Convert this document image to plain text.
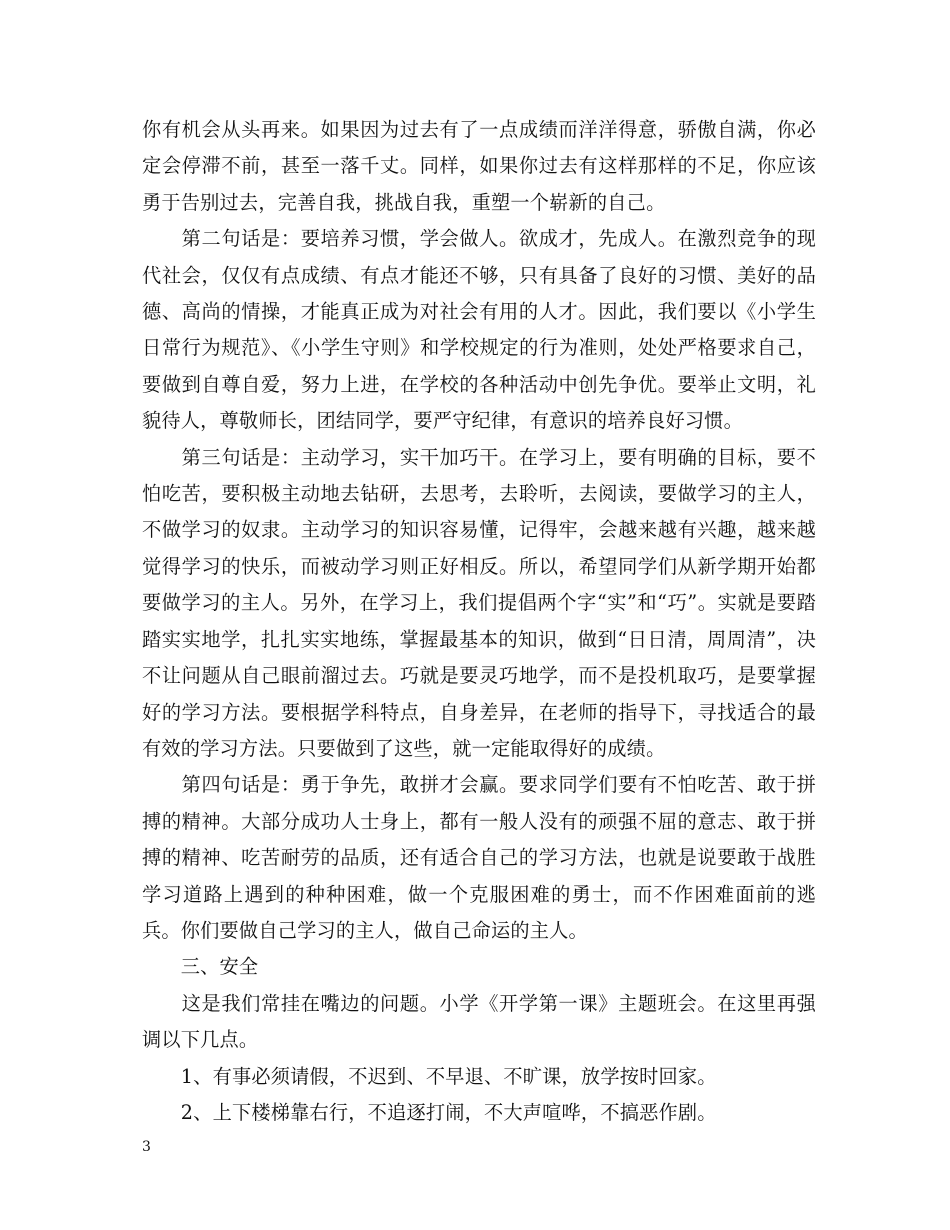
你有机会从头再来。如果因为过去有了一点成绩而洋洋得意，骄傲自满，你必定会停滞不前，甚至一落千丈。同样，如果你过去有这样那样的不足，你应该勇于告别过去，完善自我，挑战自我，重塑一个崭新的自己。

　　第二句话是：要培养习惯，学会做人。欲成才，先成人。在激烈竞争的现代社会，仅仅有点成绩、有点才能还不够，只有具备了良好的习惯、美好的品德、高尚的情操，才能真正成为对社会有用的人才。因此，我们要以《小学生日常行为规范》、《小学生守则》和学校规定的行为准则，处处严格要求自己，要做到自尊自爱，努力上进，在学校的各种活动中创先争优。要举止文明，礼貌待人，尊敬师长，团结同学，要严守纪律，有意识的培养良好习惯。

　　第三句话是：主动学习，实干加巧干。在学习上，要有明确的目标，要不怕吃苦，要积极主动地去钻研，去思考，去聆听，去阅读，要做学习的主人，不做学习的奴隶。主动学习的知识容易懂，记得牢，会越来越有兴趣，越来越觉得学习的快乐，而被动学习则正好相反。所以，希望同学们从新学期开始都要做学习的主人。另外，在学习上，我们提倡两个字“实”和“巧”。实就是要踏踏实实地学，扎扎实实地练，掌握最基本的知识，做到“日日清，周周清”，决不让问题从自己眼前溜过去。巧就是要灵巧地学，而不是投机取巧，是要掌握好的学习方法。要根据学科特点，自身差异，在老师的指导下，寻找适合的最有效的学习方法。只要做到了这些，就一定能取得好的成绩。

　　第四句话是：勇于争先，敢拼才会赢。要求同学们要有不怕吃苦、敢于拼搏的精神。大部分成功人士身上，都有一般人没有的顽强不屈的意志、敢于拼搏的精神、吃苦耐劳的品质，还有适合自己的学习方法，也就是说要敢于战胜学习道路上遇到的种种困难，做一个克服困难的勇士，而不作困难面前的逃兵。你们要做自己学习的主人，做自己命运的主人。

　　三、安全

　　这是我们常挂在嘴边的问题。小学《开学第一课》主题班会。在这里再强调以下几点。

　　1、有事必须请假，不迟到、不早退、不旷课，放学按时回家。

　　2、上下楼梯靠右行，不追逐打闹，不大声喧哗，不搞恶作剧。

3
